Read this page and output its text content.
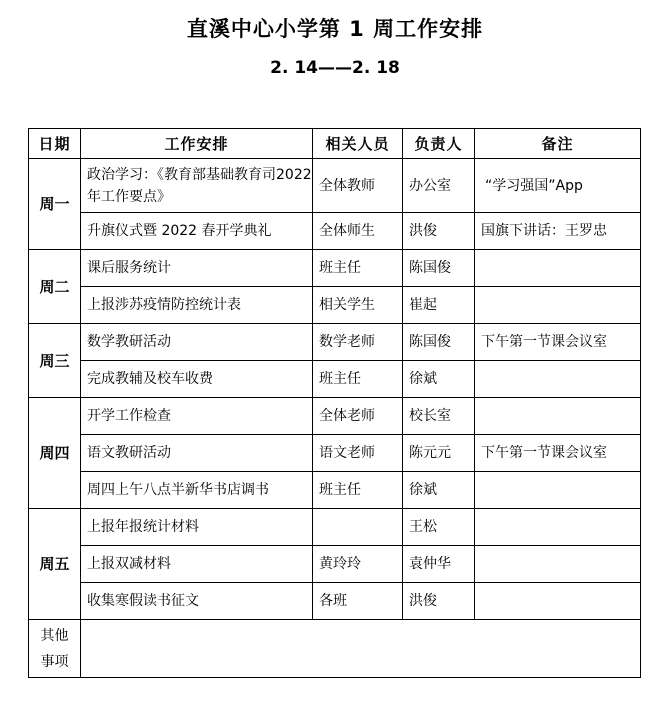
直溪中心小学第 1 周工作安排
2. 14——2. 18
日期	工作安排	相关人员	负责人	备注
周一	政治学习：《教育部基础教育司2022年工作要点》	全体教师	办公室	“学习强国”App
	升旗仪式暨 2022 春开学典礼	全体师生	洪俊	国旗下讲话：王罗忠
周二	课后服务统计	班主任	陈国俊	
	上报涉苏疫情防控统计表	相关学生	崔起	
周三	数学教研活动	数学老师	陈国俊	下午第一节课会议室
	完成教辅及校车收费	班主任	徐斌	
周四	开学工作检查	全体老师	校长室	
	语文教研活动	语文老师	陈元元	下午第一节课会议室
	周四上午八点半新华书店调书	班主任	徐斌	
周五	上报年报统计材料		王松	
	上报双减材料	黄玲玲	袁仲华	
	收集寒假读书征文	各班	洪俊	
其他
事项				
